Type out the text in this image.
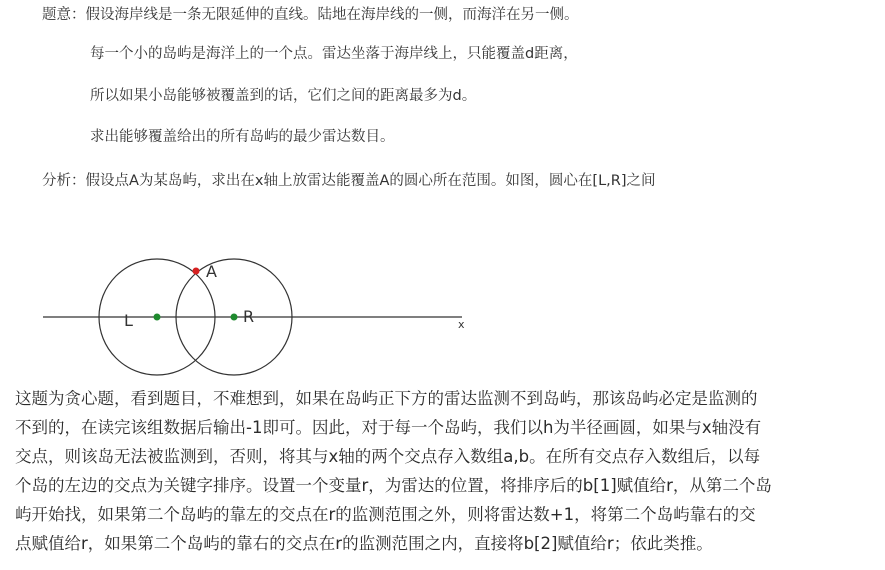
题意：假设海岸线是一条无限延伸的直线。陆地在海岸线的一侧，而海洋在另一侧。
每一个小的岛屿是海洋上的一个点。雷达坐落于海岸线上，只能覆盖d距离，
所以如果小岛能够被覆盖到的话，它们之间的距离最多为d。
求出能够覆盖给出的所有岛屿的最少雷达数目。
分析：假设点A为某岛屿，求出在x轴上放雷达能覆盖A的圆心所在范围。如图，圆心在[L,R]之间
A
L	R	x
这题为贪心题，看到题目，不难想到，如果在岛屿正下方的雷达监测不到岛屿，那该岛屿必定是监测的
不到的，在读完该组数据后输出-1即可。因此，对于每一个岛屿，我们以h为半径画圆，如果与x轴没有
交点，则该岛无法被监测到，否则，将其与x轴的两个交点存入数组a,b。在所有交点存入数组后，以每
个岛的左边的交点为关键字排序。设置一个变量r，为雷达的位置，将排序后的b[1]赋值给r，从第二个岛
屿开始找，如果第二个岛屿的靠左的交点在r的监测范围之外，则将雷达数+1，将第二个岛屿靠右的交
点赋值给r，如果第二个岛屿的靠右的交点在r的监测范围之内，直接将b[2]赋值给r；依此类推。
